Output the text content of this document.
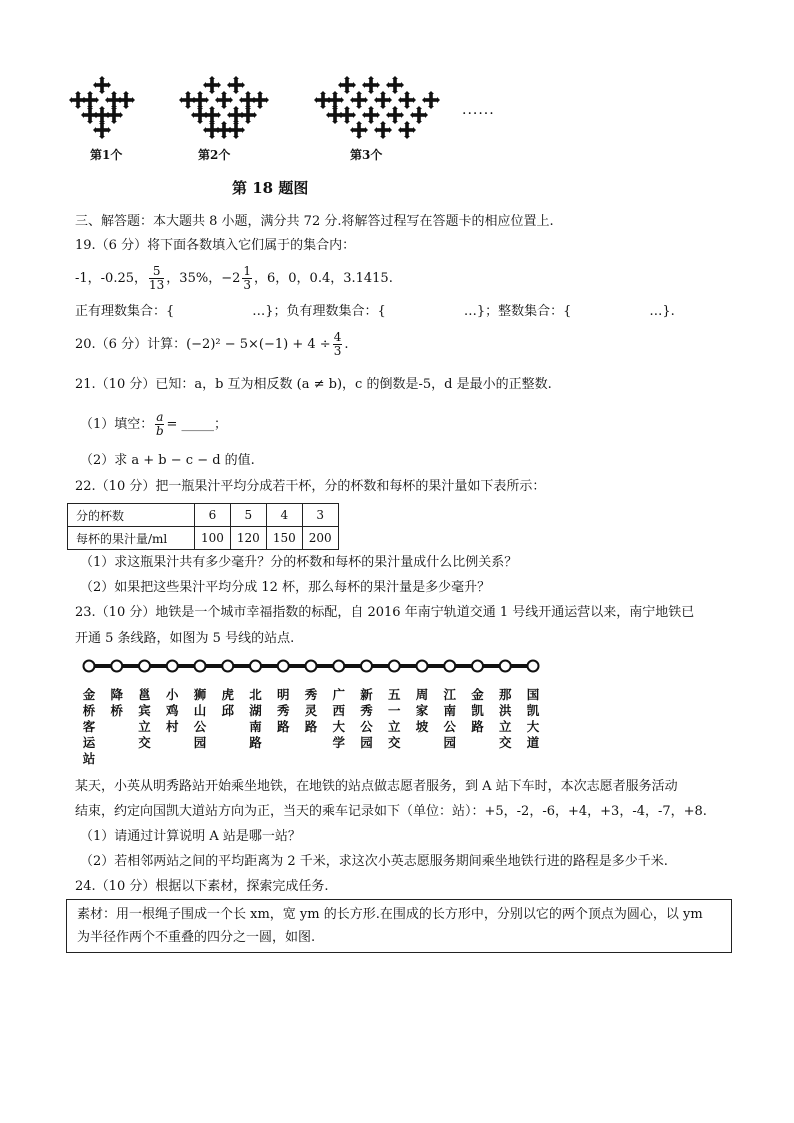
......
第1个	第2个	第3个
第 18 题图
三、解答题：本大题共 8 小题，满分共 72 分.将解答过程写在答题卡的相应位置上.
19.（6 分）将下面各数填入它们属于的集合内：
-1，-0.25， $\frac{5}{13}$ ，35%，$-2 \frac{1}{3}$ ，6，0，0.4̇，3.1415.
正有理数集合：{　　　　　　…}；负有理数集合：{　　　　　　…}；整数集合：{　　　　　　…}.
20.（6 分）计算：$(-2)^2 - 5\times(-1) + 4 \div \frac{4}{3}$ .
21.（10 分）已知：a，b 互为相反数 (a ≠ b)，c 的倒数是-5，d 是最小的正整数.
（1）填空： $\frac{a}{b}$ = _____；
（2）求 a + b − c − d 的值.
22.（10 分）把一瓶果汁平均分成若干杯，分的杯数和每杯的果汁量如下表所示：
分的杯数	6	5	4	3
每杯的果汁量/ml	100	120	150	200
（1）求这瓶果汁共有多少毫升？分的杯数和每杯的果汁量成什么比例关系？
（2）如果把这些果汁平均分成 12 杯，那么每杯的果汁量是多少毫升？
23.（10 分）地铁是一个城市幸福指数的标配，自 2016 年南宁轨道交通 1 号线开通运营以来，南宁地铁已
开通 5 条线路，如图为 5 号线的站点.
金桥客运站
降桥
邕宾立交
小鸡村
狮山公园
虎邱
北湖南路
明秀路
秀灵路
广西大学
新秀公园
五一立交
周家坡
江南公园
金凯路
那洪立交
国凯大道
某天，小英从明秀路站开始乘坐地铁，在地铁的站点做志愿者服务，到 A 站下车时，本次志愿者服务活动
结束，约定向国凯大道站方向为正，当天的乘车记录如下（单位：站）：+5，-2，-6，+4，+3，-4，-7，+8.
（1）请通过计算说明 A 站是哪一站？
（2）若相邻两站之间的平均距离为 2 千米，求这次小英志愿服务期间乘坐地铁行进的路程是多少千米.
24.（10 分）根据以下素材，探索完成任务.
素材：用一根绳子围成一个长 xm，宽 ym 的长方形.在围成的长方形中，分别以它的两个顶点为圆心，以 ym
为半径作两个不重叠的四分之一圆，如图.
